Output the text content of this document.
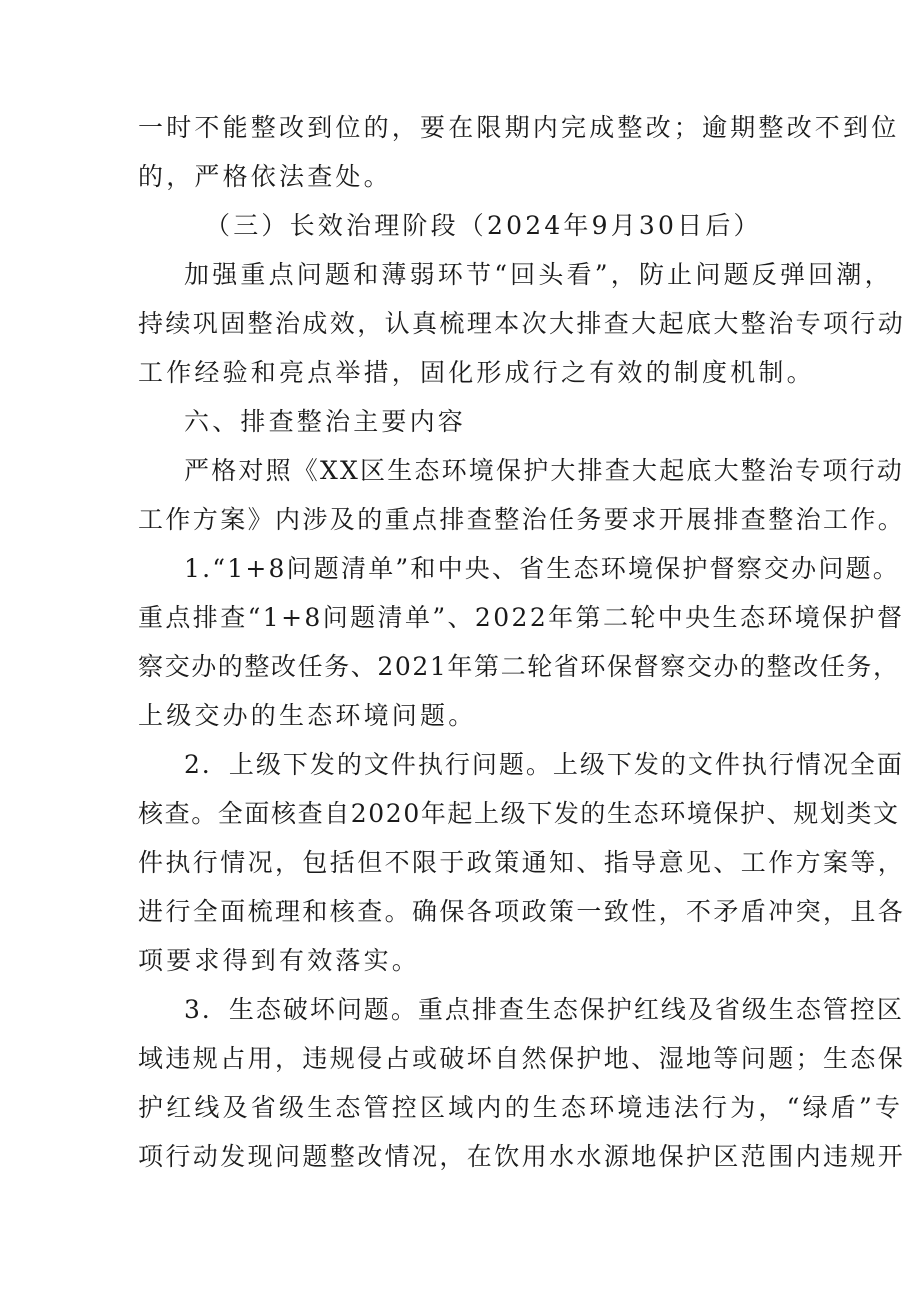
一时不能整改到位的，要在限期内完成整改；逾期整改不到位
的，严格依法查处。
（三）长效治理阶段（2024年9月30日后）
加强重点问题和薄弱环节“回头看”，防止问题反弹回潮，
持续巩固整治成效，认真梳理本次大排查大起底大整治专项行动
工作经验和亮点举措，固化形成行之有效的制度机制。
六、排查整治主要内容
严格对照《XX区生态环境保护大排查大起底大整治专项行动
工作方案》内涉及的重点排查整治任务要求开展排查整治工作。
1.“1+8问题清单”和中央、省生态环境保护督察交办问题。
重点排查“1+8问题清单”、2022年第二轮中央生态环境保护督
察交办的整改任务、2021年第二轮省环保督察交办的整改任务，
上级交办的生态环境问题。
2．上级下发的文件执行问题。上级下发的文件执行情况全面
核查。全面核查自2020年起上级下发的生态环境保护、规划类文
件执行情况，包括但不限于政策通知、指导意见、工作方案等，
进行全面梳理和核查。确保各项政策一致性，不矛盾冲突，且各
项要求得到有效落实。
3．生态破坏问题。重点排查生态保护红线及省级生态管控区
域违规占用，违规侵占或破坏自然保护地、湿地等问题；生态保
护红线及省级生态管控区域内的生态环境违法行为，“绿盾”专
项行动发现问题整改情况，在饮用水水源地保护区范围内违规开
